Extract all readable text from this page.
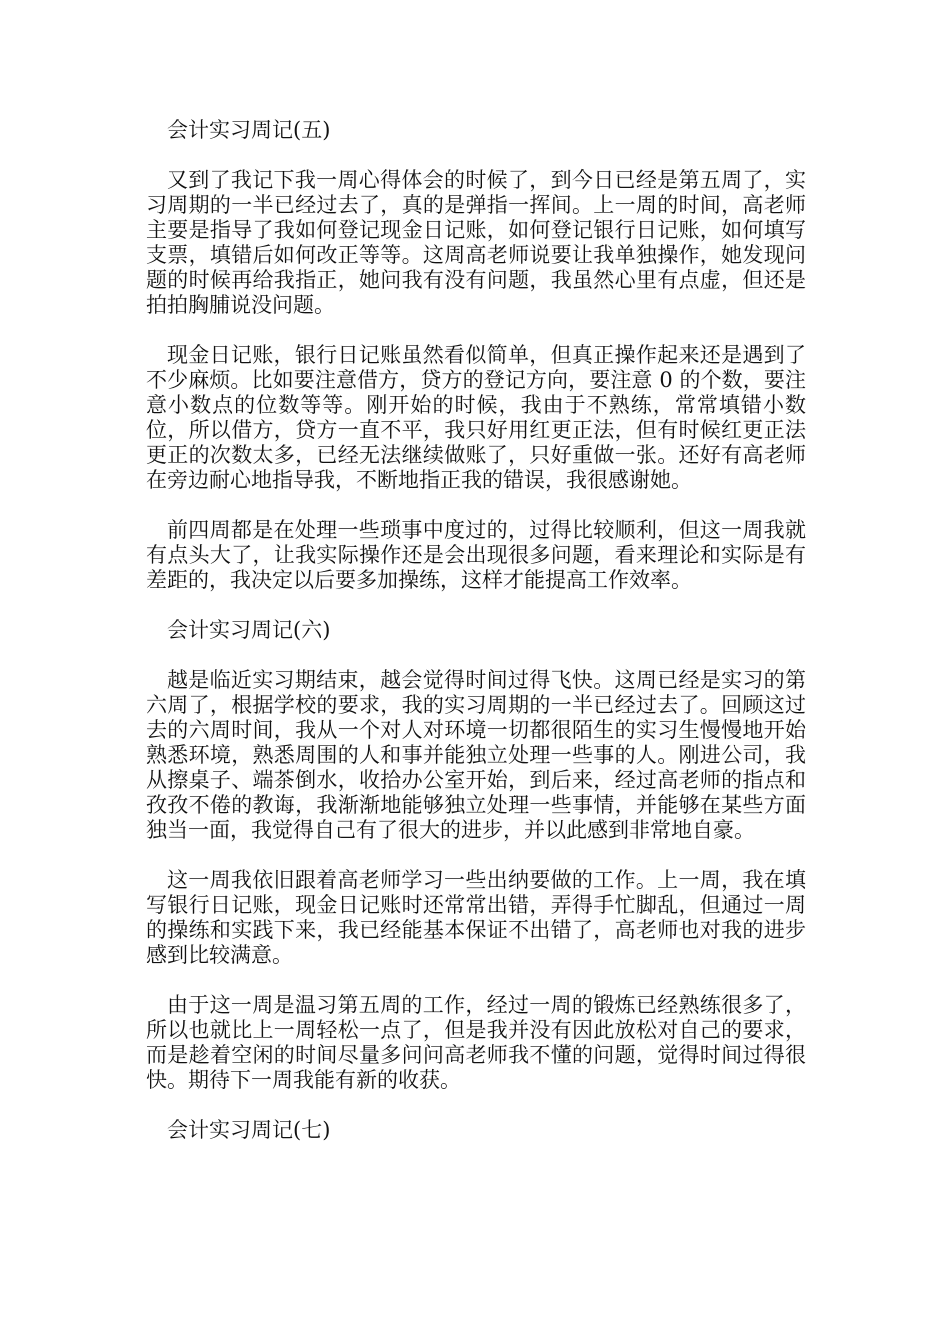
会计实习周记(五)

又到了我记下我一周心得体会的时候了，到今日已经是第五周了，实习周期的一半已经过去了，真的是弹指一挥间。上一周的时间，高老师主要是指导了我如何登记现金日记账，如何登记银行日记账，如何填写支票，填错后如何改正等等。这周高老师说要让我单独操作，她发现问题的时候再给我指正，她问我有没有问题，我虽然心里有点虚，但还是拍拍胸脯说没问题。

现金日记账，银行日记账虽然看似简单，但真正操作起来还是遇到了不少麻烦。比如要注意借方，贷方的登记方向，要注意 0 的个数，要注意小数点的位数等等。刚开始的时候，我由于不熟练，常常填错小数位，所以借方，贷方一直不平，我只好用红更正法，但有时候红更正法更正的次数太多，已经无法继续做账了，只好重做一张。还好有高老师在旁边耐心地指导我，不断地指正我的错误，我很感谢她。

前四周都是在处理一些琐事中度过的，过得比较顺利，但这一周我就有点头大了，让我实际操作还是会出现很多问题，看来理论和实际是有差距的，我决定以后要多加操练，这样才能提高工作效率。

会计实习周记(六)

越是临近实习期结束，越会觉得时间过得飞快。这周已经是实习的第六周了，根据学校的要求，我的实习周期的一半已经过去了。回顾这过去的六周时间，我从一个对人对环境一切都很陌生的实习生慢慢地开始熟悉环境，熟悉周围的人和事并能独立处理一些事的人。刚进公司，我从擦桌子、端茶倒水，收拾办公室开始，到后来，经过高老师的指点和孜孜不倦的教诲，我渐渐地能够独立处理一些事情，并能够在某些方面独当一面，我觉得自己有了很大的进步，并以此感到非常地自豪。

这一周我依旧跟着高老师学习一些出纳要做的工作。上一周，我在填写银行日记账，现金日记账时还常常出错，弄得手忙脚乱，但通过一周的操练和实践下来，我已经能基本保证不出错了，高老师也对我的进步感到比较满意。

由于这一周是温习第五周的工作，经过一周的锻炼已经熟练很多了，所以也就比上一周轻松一点了，但是我并没有因此放松对自己的要求，而是趁着空闲的时间尽量多问问高老师我不懂的问题，觉得时间过得很快。期待下一周我能有新的收获。

会计实习周记(七)
